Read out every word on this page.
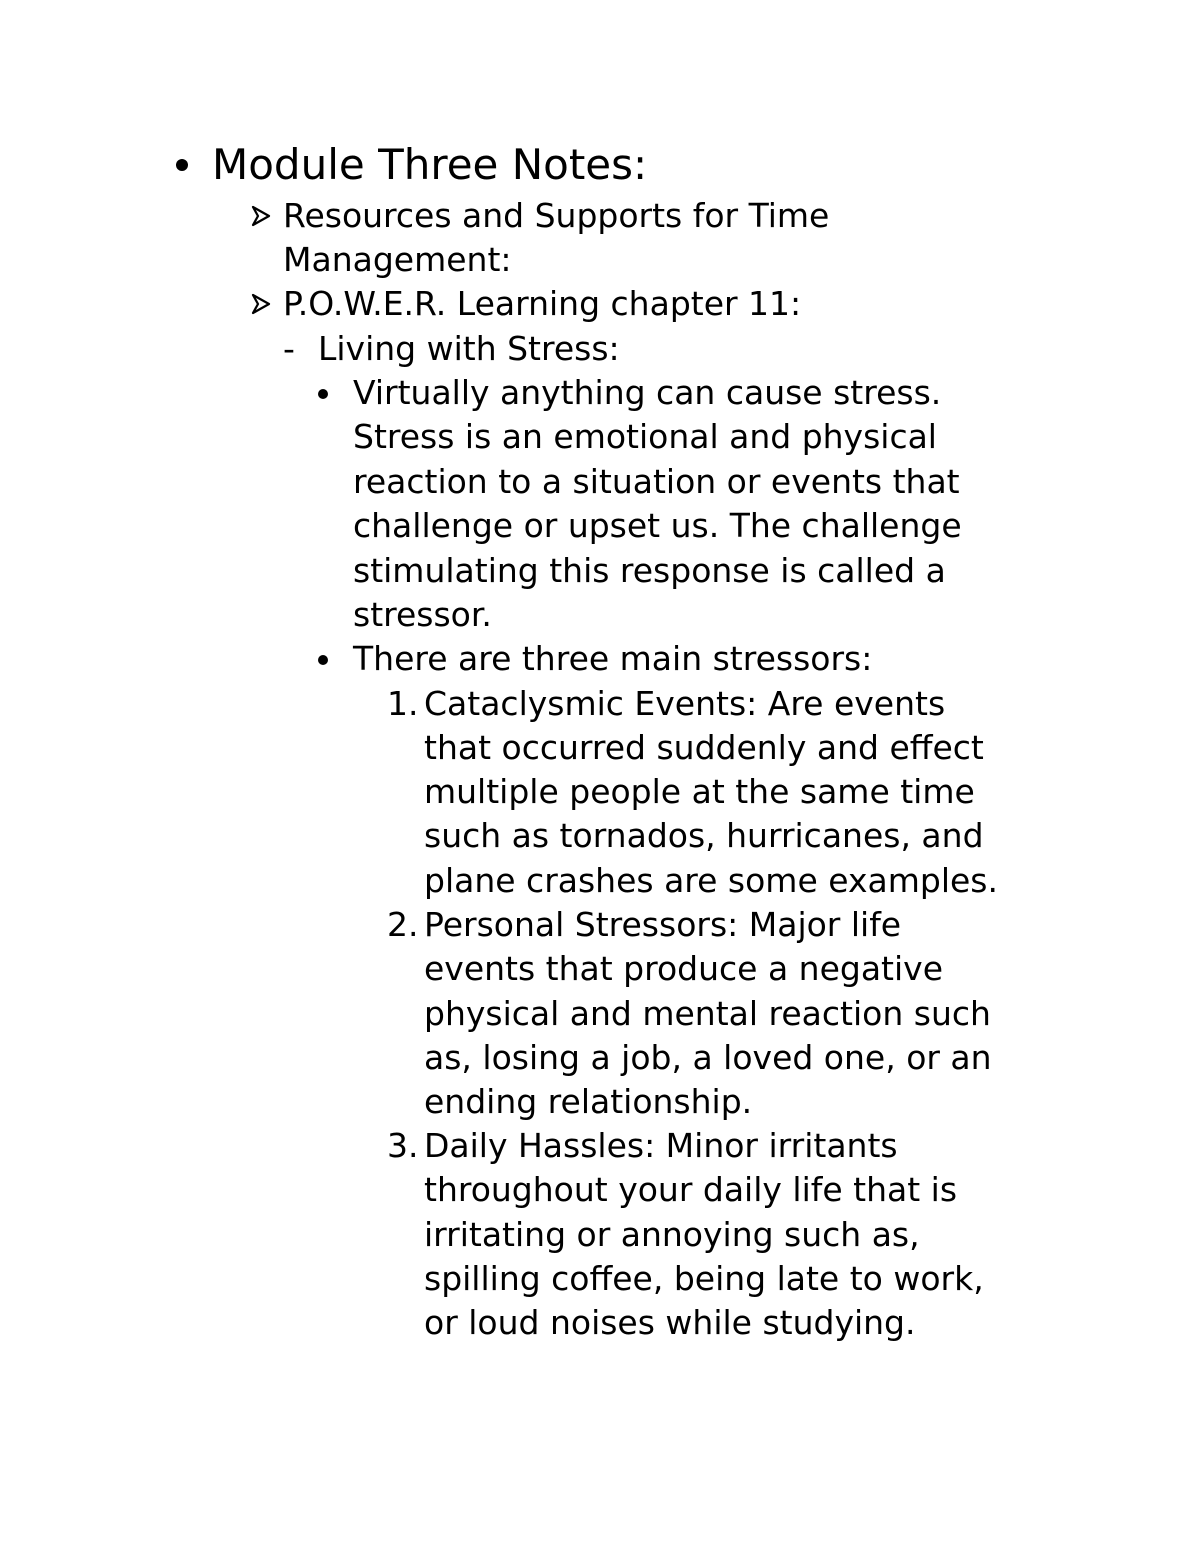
Module Three Notes:
Resources and Supports for Time
Management:
P.O.W.E.R. Learning chapter 11:
- Living with Stress:
Virtually anything can cause stress.
Stress is an emotional and physical
reaction to a situation or events that
challenge or upset us. The challenge
stimulating this response is called a
stressor.
There are three main stressors:
1. Cataclysmic Events: Are events
that occurred suddenly and effect
multiple people at the same time
such as tornados, hurricanes, and
plane crashes are some examples.
2. Personal Stressors: Major life
events that produce a negative
physical and mental reaction such
as, losing a job, a loved one, or an
ending relationship.
3. Daily Hassles: Minor irritants
throughout your daily life that is
irritating or annoying such as,
spilling coffee, being late to work,
or loud noises while studying.
